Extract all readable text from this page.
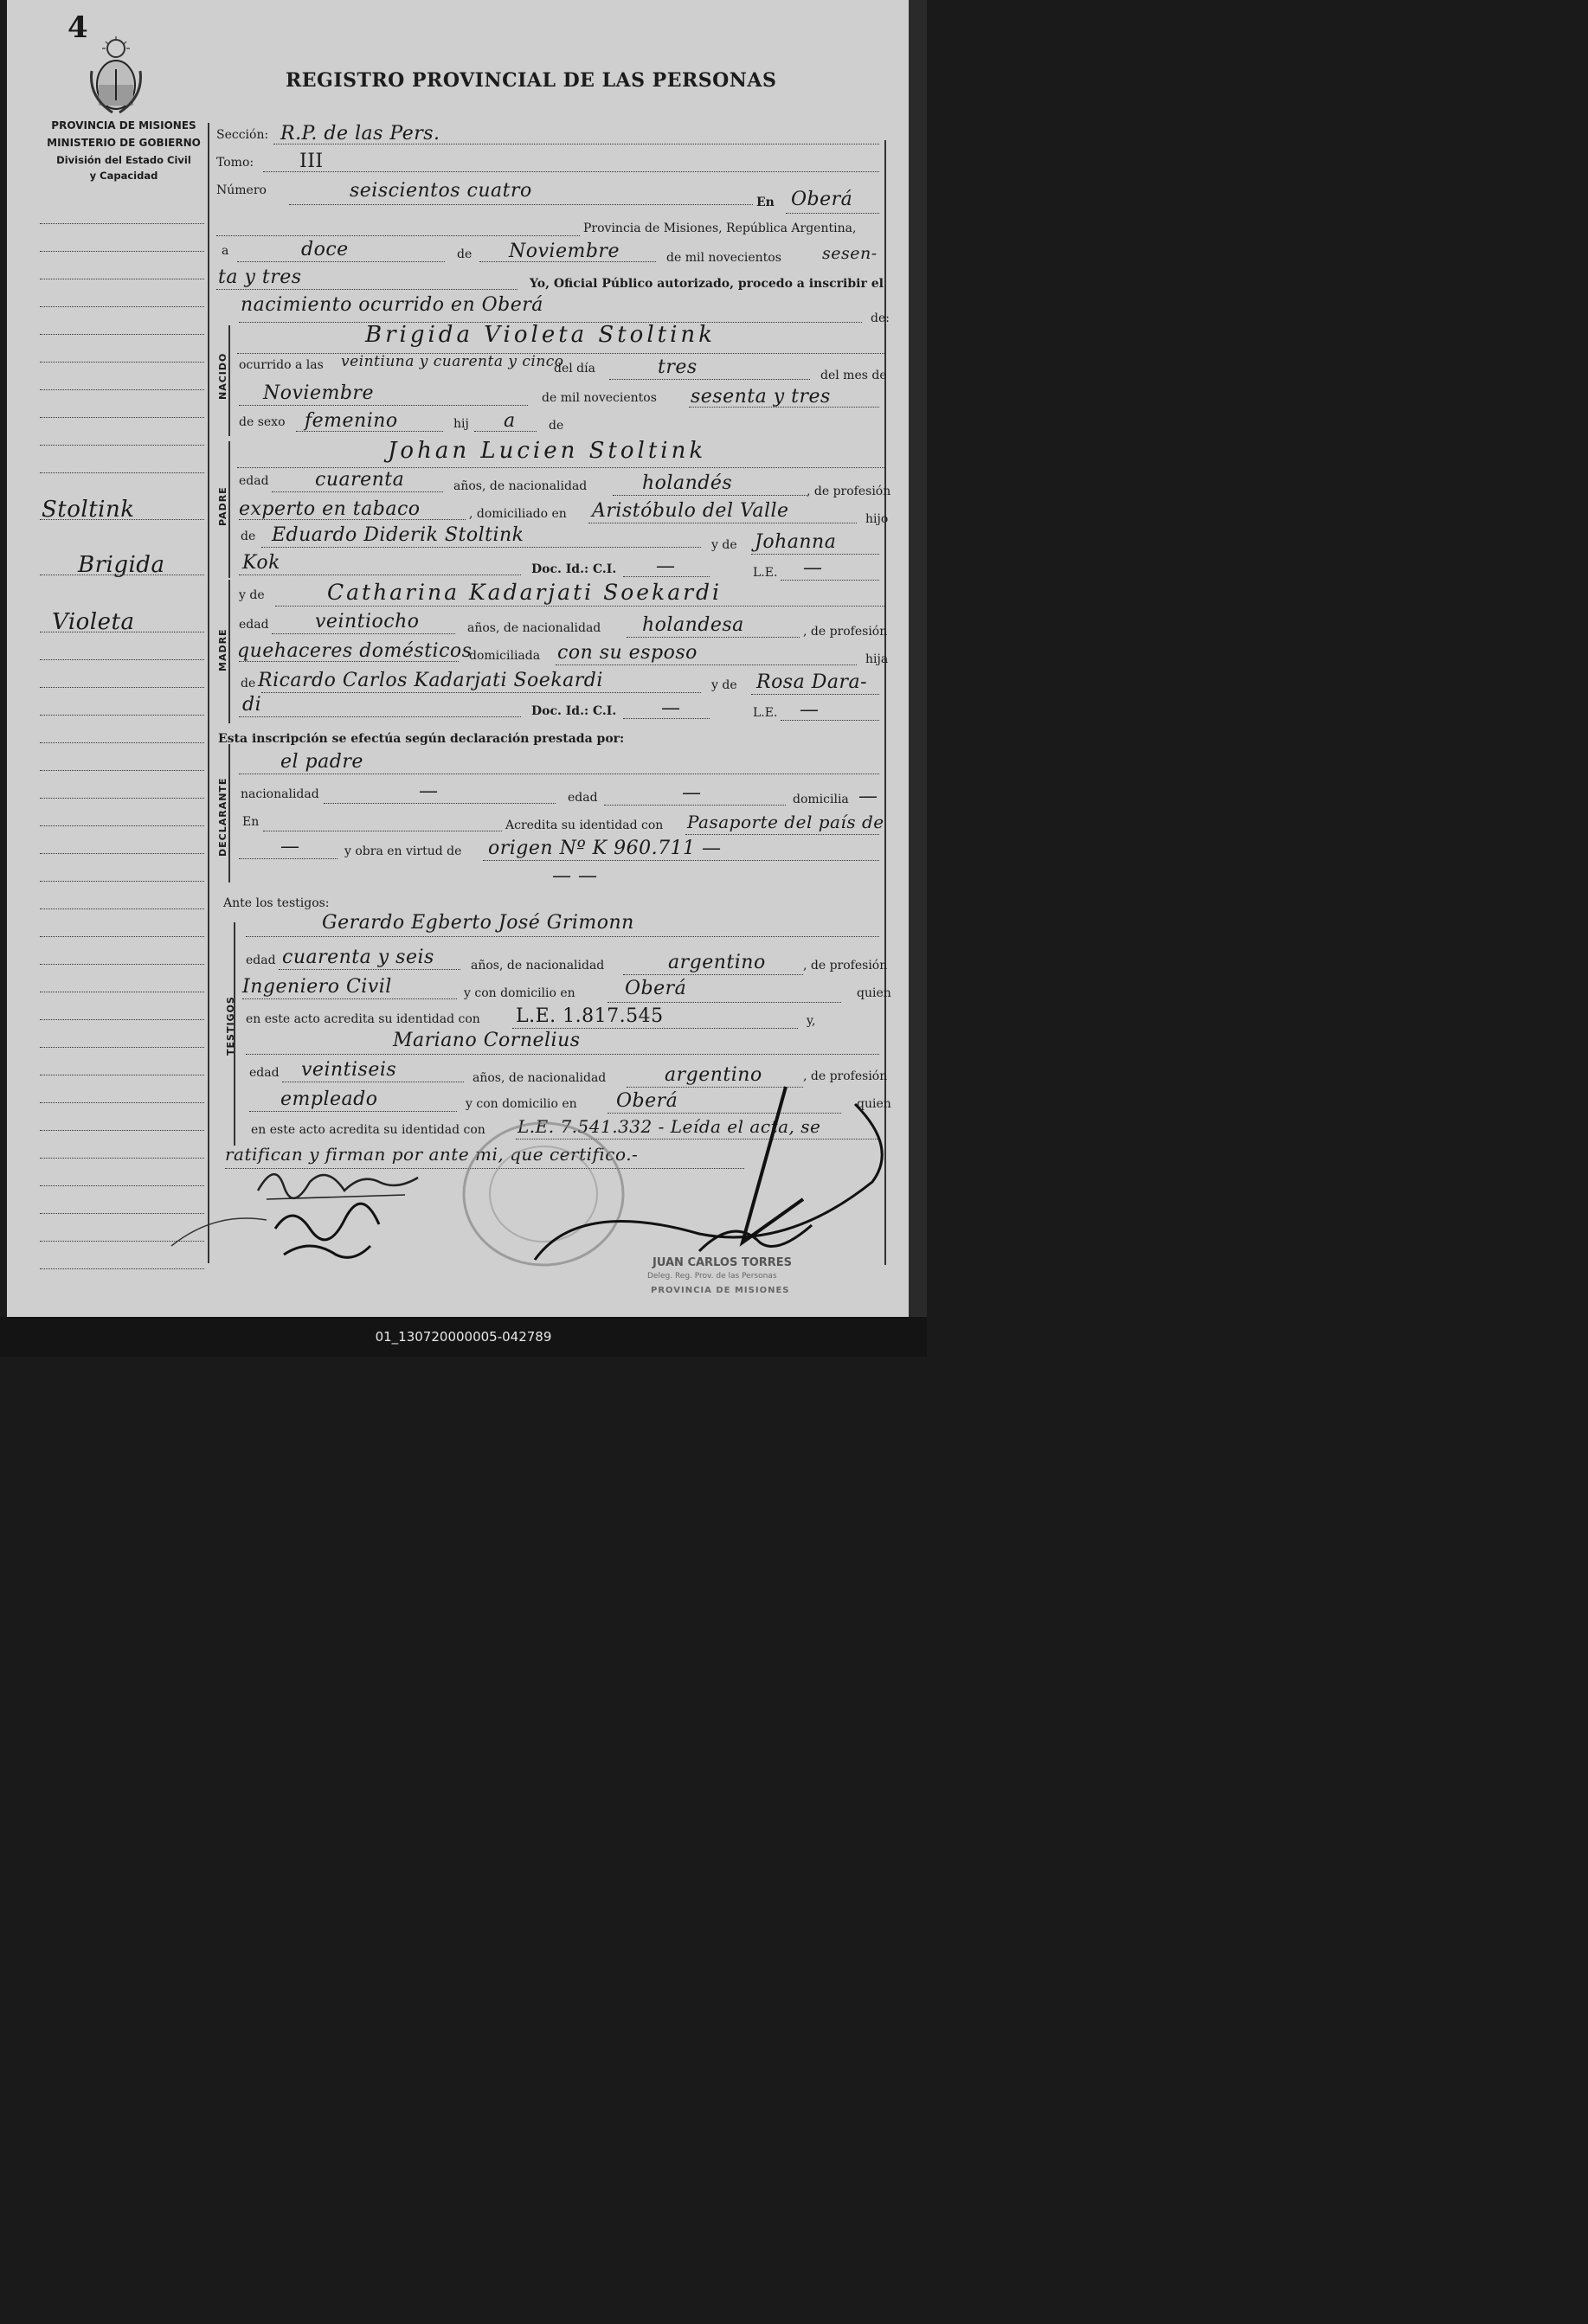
4
REGISTRO PROVINCIAL DE LAS PERSONAS
PROVINCIA DE MISIONES
MINISTERIO DE GOBIERNO
División del Estado Civil
y Capacidad
Stoltink
Brigida
Violeta
NACIDO
PADRE
MADRE
DECLARANTE
TESTIGOS
Sección: R.P. de las Pers.
Tomo: III
Número	seiscientos cuatro
En Oberá
Provincia de Misiones, República Argentina,
a	doce	de Noviembre	de mil novecientos sesen-
ta y tres	Yo, Oficial Público autorizado, procedo a inscribir el
nacimiento ocurrido en Oberá
de:
Brigida Violeta Stoltink
ocurrido a las veintiuna y cuarenta y cinco
del día	tres	del mes de
Noviembre	de mil novecientos sesenta y tres
de sexo femenino	hij a	de
Johan Lucien Stoltink
edad cuarenta	años, de nacionalidad	holandés	, de profesión
experto en tabaco	, domiciliado en Aristóbulo del Valle	hijo
de Eduardo Diderik Stoltink	y de Johanna
Kok	Doc. Id.: C.I. —	L.E. —
y de	Catharina Kadarjati Soekardi
edad veintiocho	años, de nacionalidad holandesa	, de profesión
quehaceres domésticos
domiciliada con su esposo	hija
de Ricardo Carlos Kadarjati Soekardi	y de Rosa Darа-
di	Doc. Id.: C.I. —	L.E. —
Esta inscripción se efectúa según declaración prestada por:
el padre
nacionalidad	—	edad	—	domicilia —
En	Acredita su identidad con Pasaporte del país de
—	y obra en virtud de origen Nº K 960.711 —
— —
Ante los testigos:
Gerardo Egberto José Grimonn
edad cuarenta y seis	años, de nacionalidad	argentino	, de profesión
Ingeniero Civil	y con domicilio en	Oberá	quien
en este acto acredita su identidad con L.E. 1.817.545	y,
Mariano Cornelius
edad veintiseis	años, de nacionalidad	argentino	, de profesión
empleado	y con domicilio en Oberá	quien
en este acto acredita su identidad con L.E. 7.541.332 - Leída el acta, se
ratifican y firman por ante mi, que certifico.-
JUAN CARLOS TORRES
Deleg. Reg. Prov. de las Personas
PROVINCIA DE MISIONES
01_130720000005-042789
